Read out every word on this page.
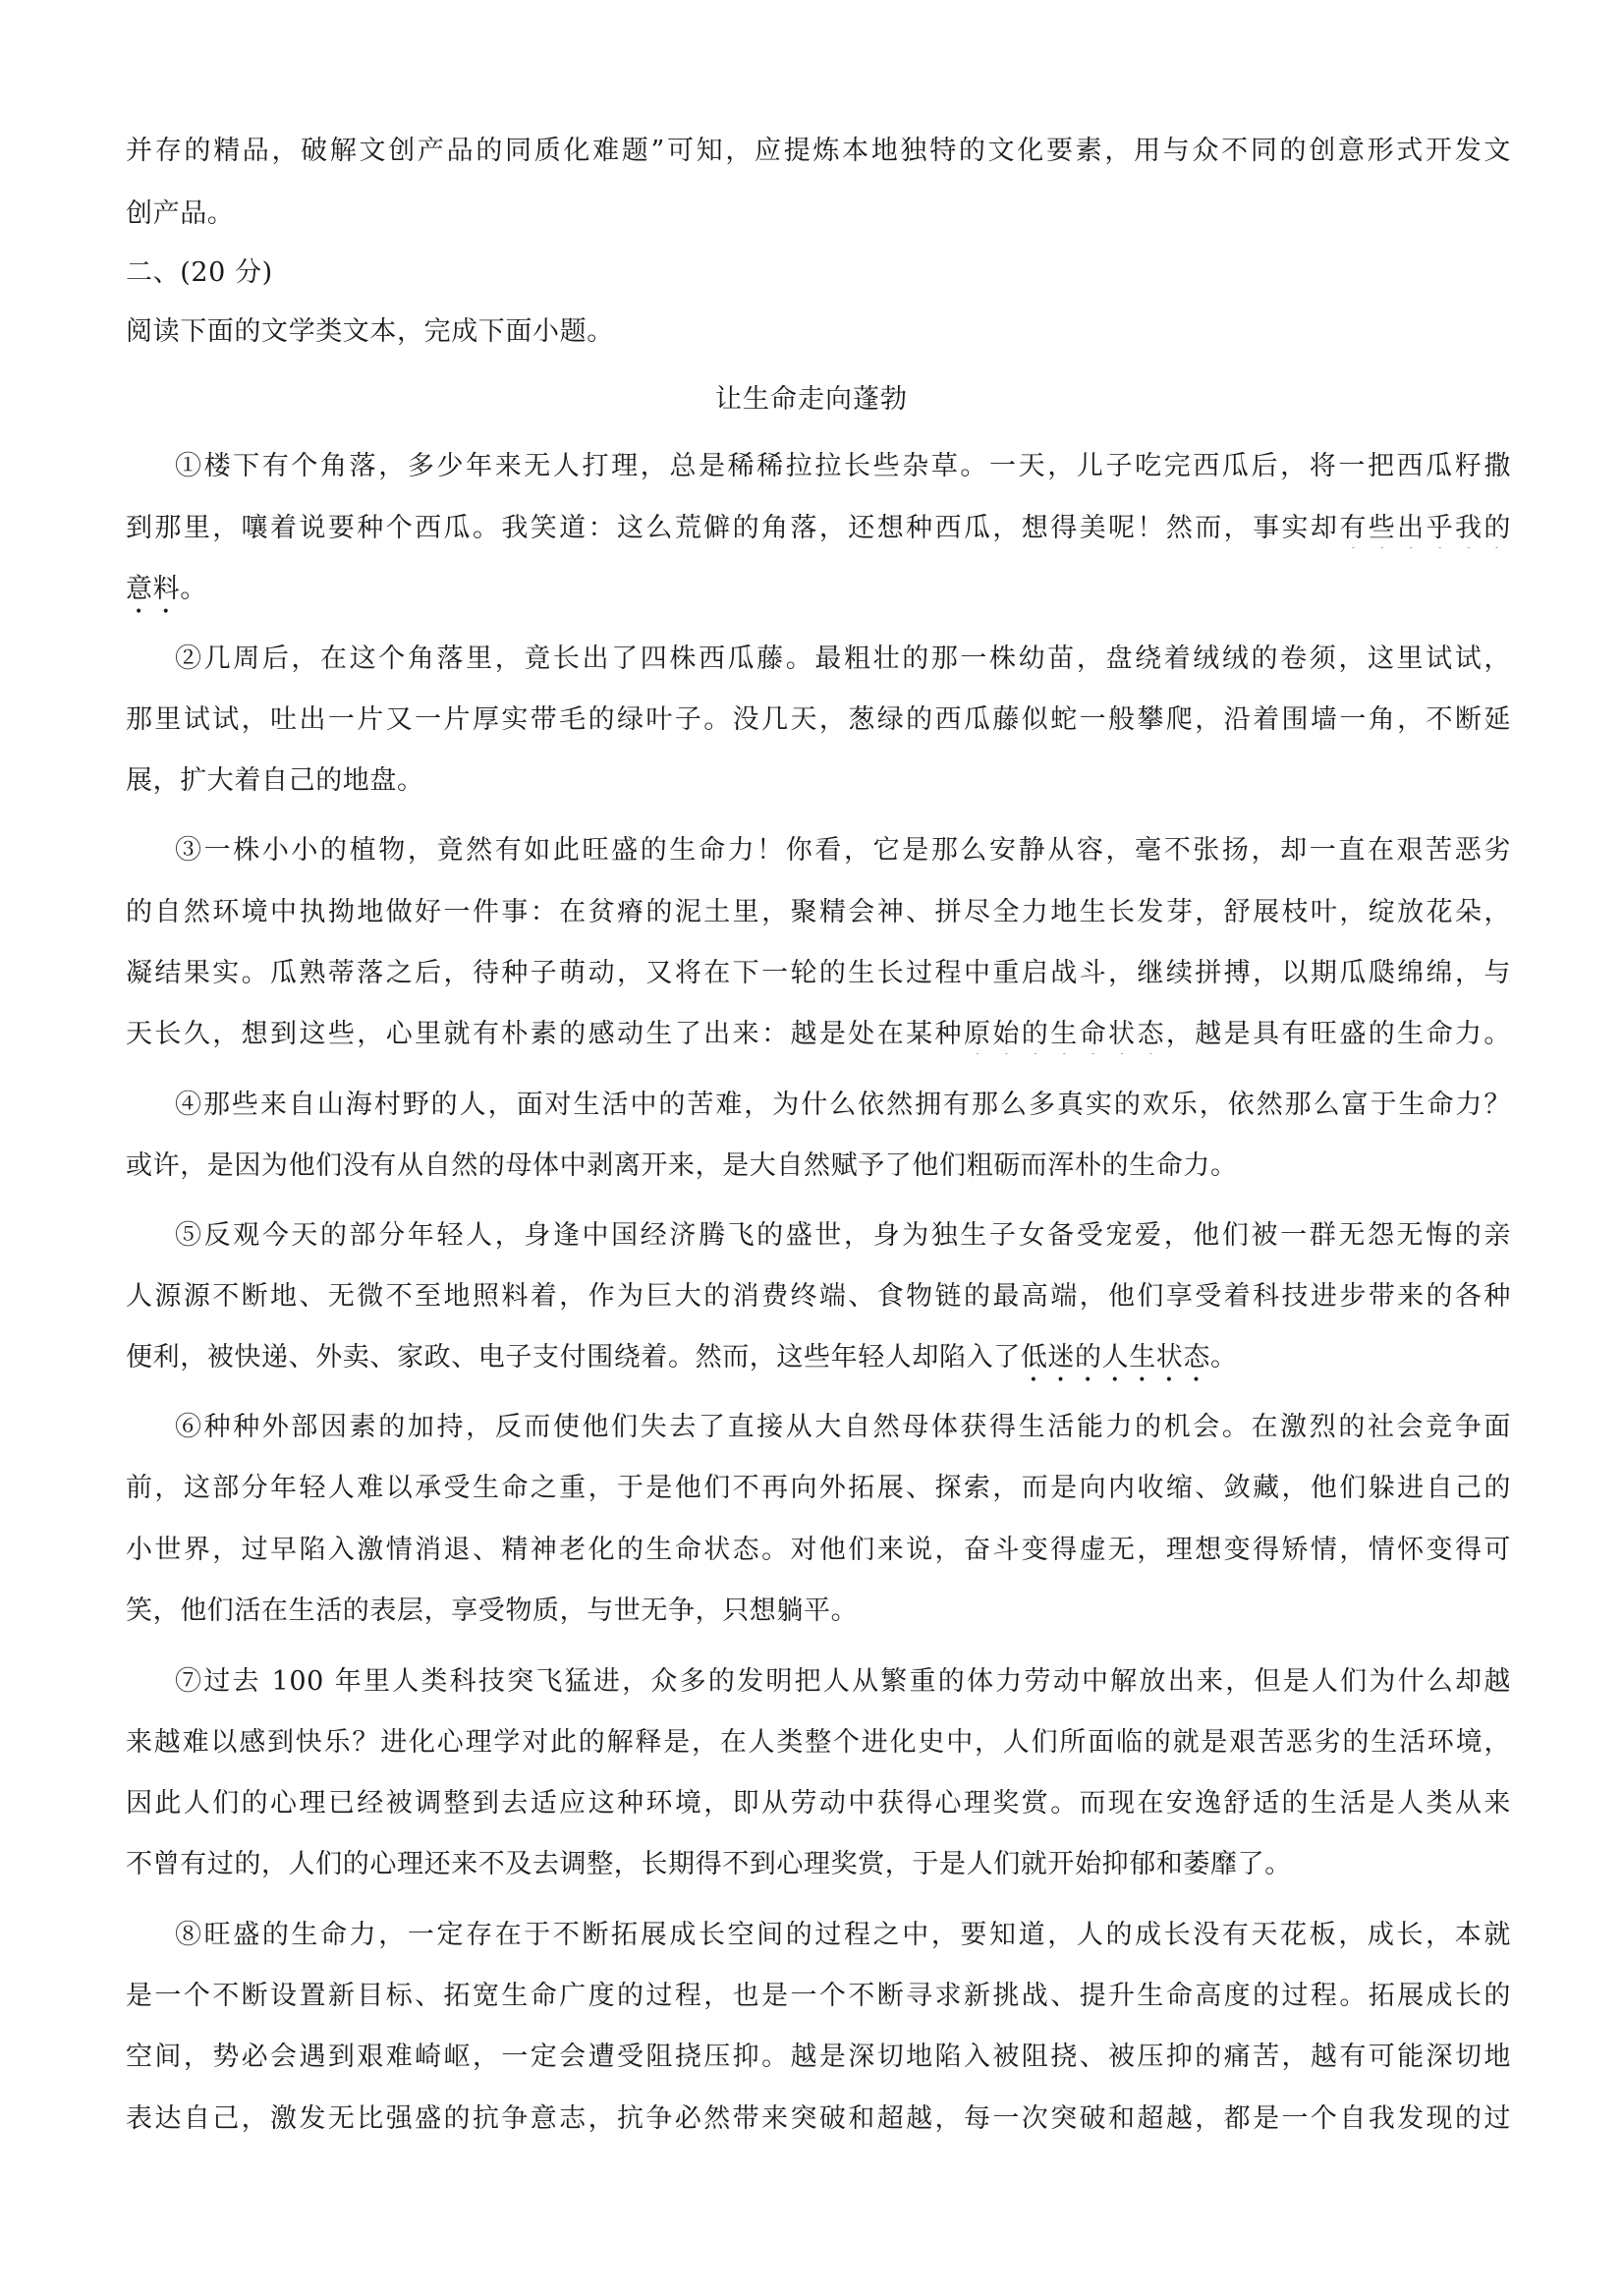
并存的精品，破解文创产品的同质化难题”可知，应提炼本地独特的文化要素，用与众不同的创意形式开发文
创产品。
二、(20 分)
阅读下面的文学类文本，完成下面小题。
让生命走向蓬勃
①楼下有个角落，多少年来无人打理，总是稀稀拉拉长些杂草。一天，儿子吃完西瓜后，将一把西瓜籽撒
到那里，嚷着说要种个西瓜。我笑道：这么荒僻的角落，还想种西瓜，想得美呢！然而，事实却有些出乎我的
意料。
②几周后，在这个角落里，竟长出了四株西瓜藤。最粗壮的那一株幼苗，盘绕着绒绒的卷须，这里试试，
那里试试，吐出一片又一片厚实带毛的绿叶子。没几天，葱绿的西瓜藤似蛇一般攀爬，沿着围墙一角，不断延
展，扩大着自己的地盘。
③一株小小的植物，竟然有如此旺盛的生命力！你看，它是那么安静从容，毫不张扬，却一直在艰苦恶劣
的自然环境中执拗地做好一件事：在贫瘠的泥土里，聚精会神、拼尽全力地生长发芽，舒展枝叶，绽放花朵，
凝结果实。瓜熟蒂落之后，待种子萌动，又将在下一轮的生长过程中重启战斗，继续拼搏，以期瓜瓞绵绵，与
天长久，想到这些，心里就有朴素的感动生了出来：越是处在某种原始的生命状态，越是具有旺盛的生命力。
④那些来自山海村野的人，面对生活中的苦难，为什么依然拥有那么多真实的欢乐，依然那么富于生命力？
或许，是因为他们没有从自然的母体中剥离开来，是大自然赋予了他们粗砺而浑朴的生命力。
⑤反观今天的部分年轻人，身逢中国经济腾飞的盛世，身为独生子女备受宠爱，他们被一群无怨无悔的亲
人源源不断地、无微不至地照料着，作为巨大的消费终端、食物链的最高端，他们享受着科技进步带来的各种
便利，被快递、外卖、家政、电子支付围绕着。然而，这些年轻人却陷入了低迷的人生状态。
⑥种种外部因素的加持，反而使他们失去了直接从大自然母体获得生活能力的机会。在激烈的社会竞争面
前，这部分年轻人难以承受生命之重，于是他们不再向外拓展、探索，而是向内收缩、敛藏，他们躲进自己的
小世界，过早陷入激情消退、精神老化的生命状态。对他们来说，奋斗变得虚无，理想变得矫情，情怀变得可
笑，他们活在生活的表层，享受物质，与世无争，只想躺平。
⑦过去 100 年里人类科技突飞猛进，众多的发明把人从繁重的体力劳动中解放出来，但是人们为什么却越
来越难以感到快乐？进化心理学对此的解释是，在人类整个进化史中，人们所面临的就是艰苦恶劣的生活环境，
因此人们的心理已经被调整到去适应这种环境，即从劳动中获得心理奖赏。而现在安逸舒适的生活是人类从来
不曾有过的，人们的心理还来不及去调整，长期得不到心理奖赏，于是人们就开始抑郁和萎靡了。
⑧旺盛的生命力，一定存在于不断拓展成长空间的过程之中，要知道，人的成长没有天花板，成长，本就
是一个不断设置新目标、拓宽生命广度的过程，也是一个不断寻求新挑战、提升生命高度的过程。拓展成长的
空间，势必会遇到艰难崎岖，一定会遭受阻挠压抑。越是深切地陷入被阻挠、被压抑的痛苦，越有可能深切地
表达自己，激发无比强盛的抗争意志，抗争必然带来突破和超越，每一次突破和超越，都是一个自我发现的过
